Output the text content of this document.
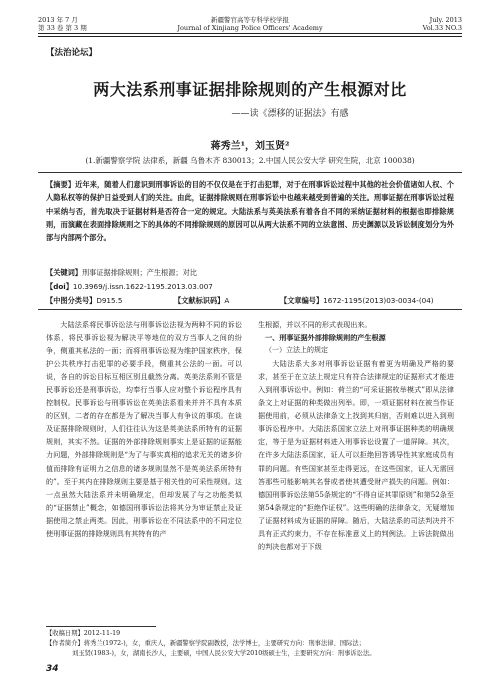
2013 年 7 月
第 33 卷 第 3 期
新疆警官高等专科学校学报
Journal of Xinjiang Police Officers' Academy
July. 2013
Vol.33 NO.3
【法治论坛】
两大法系刑事证据排除规则的产生根源对比
——读《漂移的证据法》有感
蒋秀兰¹，刘玉贤²
(1.新疆警察学院 法律系，新疆 乌鲁木齐 830013；2.中国人民公安大学 研究生院，北京 100038)
【摘要】近年来，随着人们意识到刑事诉讼的目的不仅仅是在于打击犯罪，对于在刑事诉讼过程中其他的社会价值诸如人权、个人隐私权等的保护日益受到人们的关注。由此，证据排除规则在刑事诉讼中也越来越受到普遍的关注。刑事证据在刑事诉讼过程中采纳与否，首先取决于证据材料是否符合一定的规定。大陆法系与英美法系有着各自不同的采纳证据材料的根据也即排除规则，而演藏在表面排除规则之下的具体的不同排除规则的原因可以从两大法系不同的立法意图、历史渊源以及诉讼制度划分为外部与内部两个部分。
【关键词】刑事证据排除规则；产生根源；对比
【doi】10.3969/j.issn.1622-1195.2013.03.007
【中图分类号】D915.5	【文献标识码】A	【文章编号】1672-1195(2013)03-0034-(04)

大陆法系将民事诉讼法与刑事诉讼法视为两种不同的诉讼体系，将民事诉讼视为解决平等地位的双方当事人之间的纷争，侧重其私法的一面；而将刑事诉讼视为维护国家秩序，保护公共秩序打击犯罪的必要手段，侧重其公法的一面。可以说，各自的诉讼目标互相区别且截然分离。英美法系则不管是民事诉讼还是刑事诉讼，均奉行当事人应对整个诉讼程序具有控制权。民事诉讼与刑事诉讼在英美法系看来并并不具有本质的区别，二者的存在都是为了解决当事人有争议的事项。在谈及证据排除规则时，人们往往认为这是英美法系所特有的证据规则，其实不然。证据的外部排除规则事实上是证据的证据能力问题，外部排除规则是“为了与事实真相的追求无关的诸多价值而排除有证明力之信息的诸多规则显然不是英美法系所特有的”。至于其内在排除规则主要是基于相关性的可采性规则。这一点虽然大陆法系并未明确规定，但却发展了与之功能类似的“证据禁止”概念，如德国刑事诉讼法将其分为审证禁止及证据使用之禁止两类。因此，刑事诉讼在不同法系中的不同定位使刑事证据的排除规则具有其特有的产

生根源，并以不同的形式表现出来。

一、刑事证据外部排除规则的产生根源

（一）立法上的规定

大陆法系大多对刑事诉讼证据有着更为明确及严格的要求，甚至于在立法上规定只有符合法律规定的证据形式才能进入到刑事诉讼中。例如：荷兰的“可采证据枚举模式”即从法律条文上对证据的种类做出列举。即，一项证据材料在被当作证据使用前，必须从法律条文上找到其归宿，否则难以进入到刑事诉讼程序中。大陆法系国家立法上对刑事证据种类的明确规定，等于是为证据材料进入刑事诉讼设置了一道屏障。其次，在许多大陆法系国家，证人可以拒绝回答诱导性其家庭成员有罪的问题。有些国家甚至走得更远，在这些国家，证人无需回答那些可能影响其名誉或者使其遭受财产损失的问题。例如：德国刑事诉讼法第55条规定的“不得自证其罪原则”和第52条至第54条规定的“拒绝作证权”。这些明确的法律条文，无疑增加了证据材料成为证据的屏障。随后，大陆法系的司法判决并不具有正式约束力，不存在标准意义上的判例法。上诉法院做出的判决也都对于下级

【收稿日期】2012-11-19
【作者简介】蒋秀兰(1972-)，女，重庆人，新疆警察学院副教授，法学博士，主要研究方向：刑事法律、国际法；
刘玉贤(1983-)，女，湖南长沙人，主要硕，中国人民公安大学2010级硕士生，主要研究方向：刑事诉讼法。
34
